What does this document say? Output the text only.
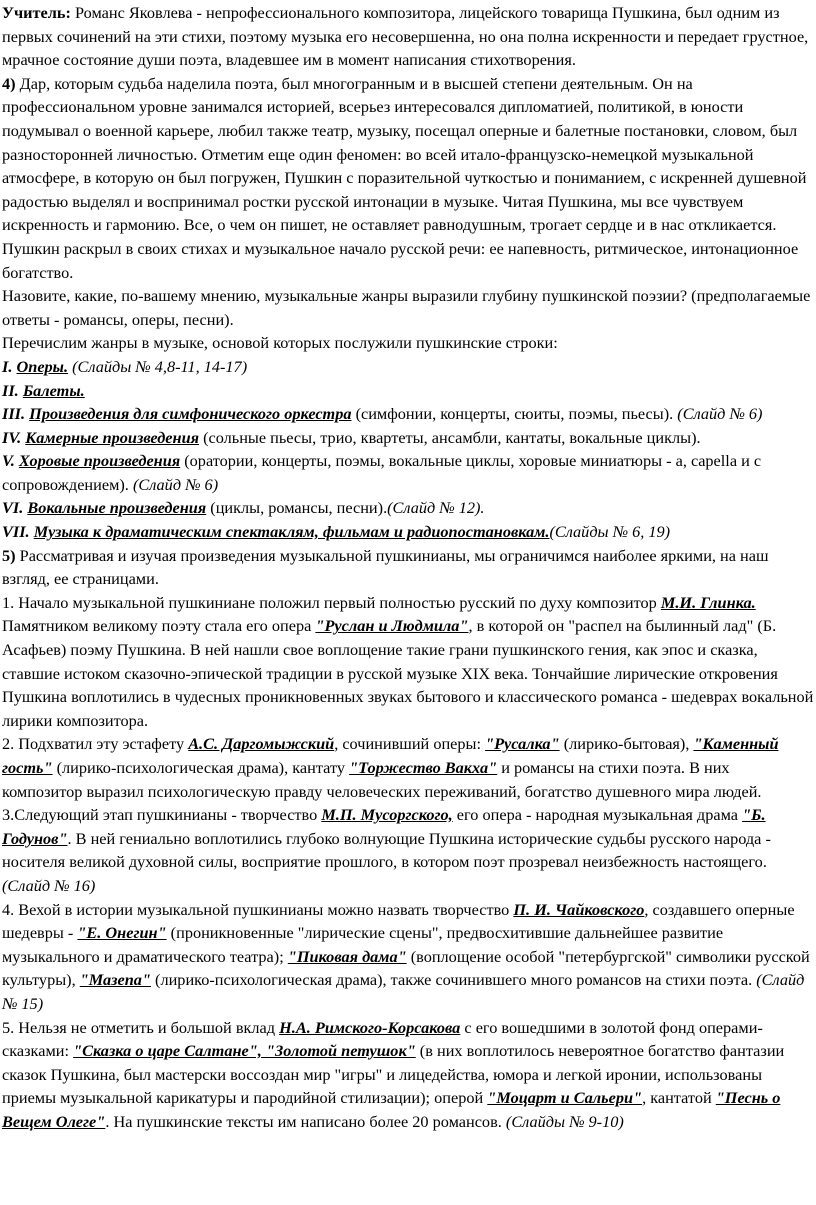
Учитель: Романс Яковлева - непрофессионального композитора, лицейского товарища Пушкина, был одним из первых сочинений на эти стихи, поэтому музыка его несовершенна, но она полна искренности и передает грустное, мрачное состояние души поэта, владевшее им в момент написания стихотворения.

4) Дар, которым судьба наделила поэта, был многогранным и в высшей степени деятельным. Он на профессиональном уровне занимался историей, всерьез интересовался дипломатией, политикой, в юности подумывал о военной карьере, любил также театр, музыку, посещал оперные и балетные постановки, словом, был разносторонней личностью. Отметим еще один феномен: во всей итало-французско-немецкой музыкальной атмосфере, в которую он был погружен, Пушкин с поразительной чуткостью и пониманием, с искренней душевной радостью выделял и воспринимал ростки русской интонации в музыке. Читая Пушкина, мы все чувствуем искренность и гармонию. Все, о чем он пишет, не оставляет равнодушным, трогает сердце и в нас откликается. Пушкин раскрыл в своих стихах и музыкальное начало русской речи: ее напевность, ритмическое, интонационное богатство.

Назовите, какие, по-вашему мнению, музыкальные жанры выразили глубину пушкинской поэзии? (предполагаемые ответы - романсы, оперы, песни).

Перечислим жанры в музыке, основой которых послужили пушкинские строки:

I. Оперы. (Слайды № 4,8-11, 14-17)

II. Балеты.

III. Произведения для симфонического оркестра (симфонии, концерты, сюиты, поэмы, пьесы). (Слайд № 6)

IV. Камерные произведения (сольные пьесы, трио, квартеты, ансамбли, кантаты, вокальные циклы).

V. Хоровые произведения (оратории, концерты, поэмы, вокальные циклы, хоровые миниатюры - а, capella и с сопровождением). (Слайд № 6)

VI. Вокальные произведения (циклы, романсы, песни).(Слайд № 12).

VII. Музыка к драматическим спектаклям, фильмам и радиопостановкам.(Слайды № 6, 19)

5) Рассматривая и изучая произведения музыкальной пушкинианы, мы ограничимся наиболее яркими, на наш взгляд, ее страницами.

1. Начало музыкальной пушкиниане положил первый полностью русский по духу композитор М.И. Глинка. Памятником великому поэту стала его опера "Руслан и Людмила", в которой он "распел на былинный лад" (Б. Асафьев) поэму Пушкина. В ней нашли свое воплощение такие грани пушкинского гения, как эпос и сказка, ставшие истоком сказочно-эпической традиции в русской музыке XIX века. Тончайшие лирические откровения Пушкина воплотились в чудесных проникновенных звуках бытового и классического романса - шедеврах вокальной лирики композитора.

2. Подхватил эту эстафету А.С. Даргомыжский, сочинивший оперы: "Русалка" (лирико-бытовая), "Каменный гость" (лирико-психологическая драма), кантату "Торжество Вакха" и романсы на стихи поэта. В них композитор выразил психологическую правду человеческих переживаний, богатство душевного мира людей.

3.Следующий этап пушкинианы - творчество М.П. Мусоргского, его опера - народная музыкальная драма "Б. Годунов". В ней гениально воплотились глубоко волнующие Пушкина исторические судьбы русского народа - носителя великой духовной силы, восприятие прошлого, в котором поэт прозревал неизбежность настоящего. (Слайд № 16)

4. Вехой в истории музыкальной пушкинианы можно назвать творчество П. И. Чайковского, создавшего оперные шедевры - "Е. Онегин" (проникновенные "лирические сцены", предвосхитившие дальнейшее развитие музыкального и драматического театра); "Пиковая дама" (воплощение особой "петербургской" символики русской культуры), "Мазепа" (лирико-психологическая драма), также сочинившего много романсов на стихи поэта. (Слайд № 15)

5. Нельзя не отметить и большой вклад Н.А. Римского-Корсакова с его вошедшими в золотой фонд операми-сказками: "Сказка о царе Салтане", "Золотой петушок" (в них воплотилось невероятное богатство фантазии сказок Пушкина, был мастерски воссоздан мир "игры" и лицедейства, юмора и легкой иронии, использованы приемы музыкальной карикатуры и пародийной стилизации); оперой "Моцарт и Сальери", кантатой "Песнь о Вещем Олеге". На пушкинские тексты им написано более 20 романсов. (Слайды № 9-10)
